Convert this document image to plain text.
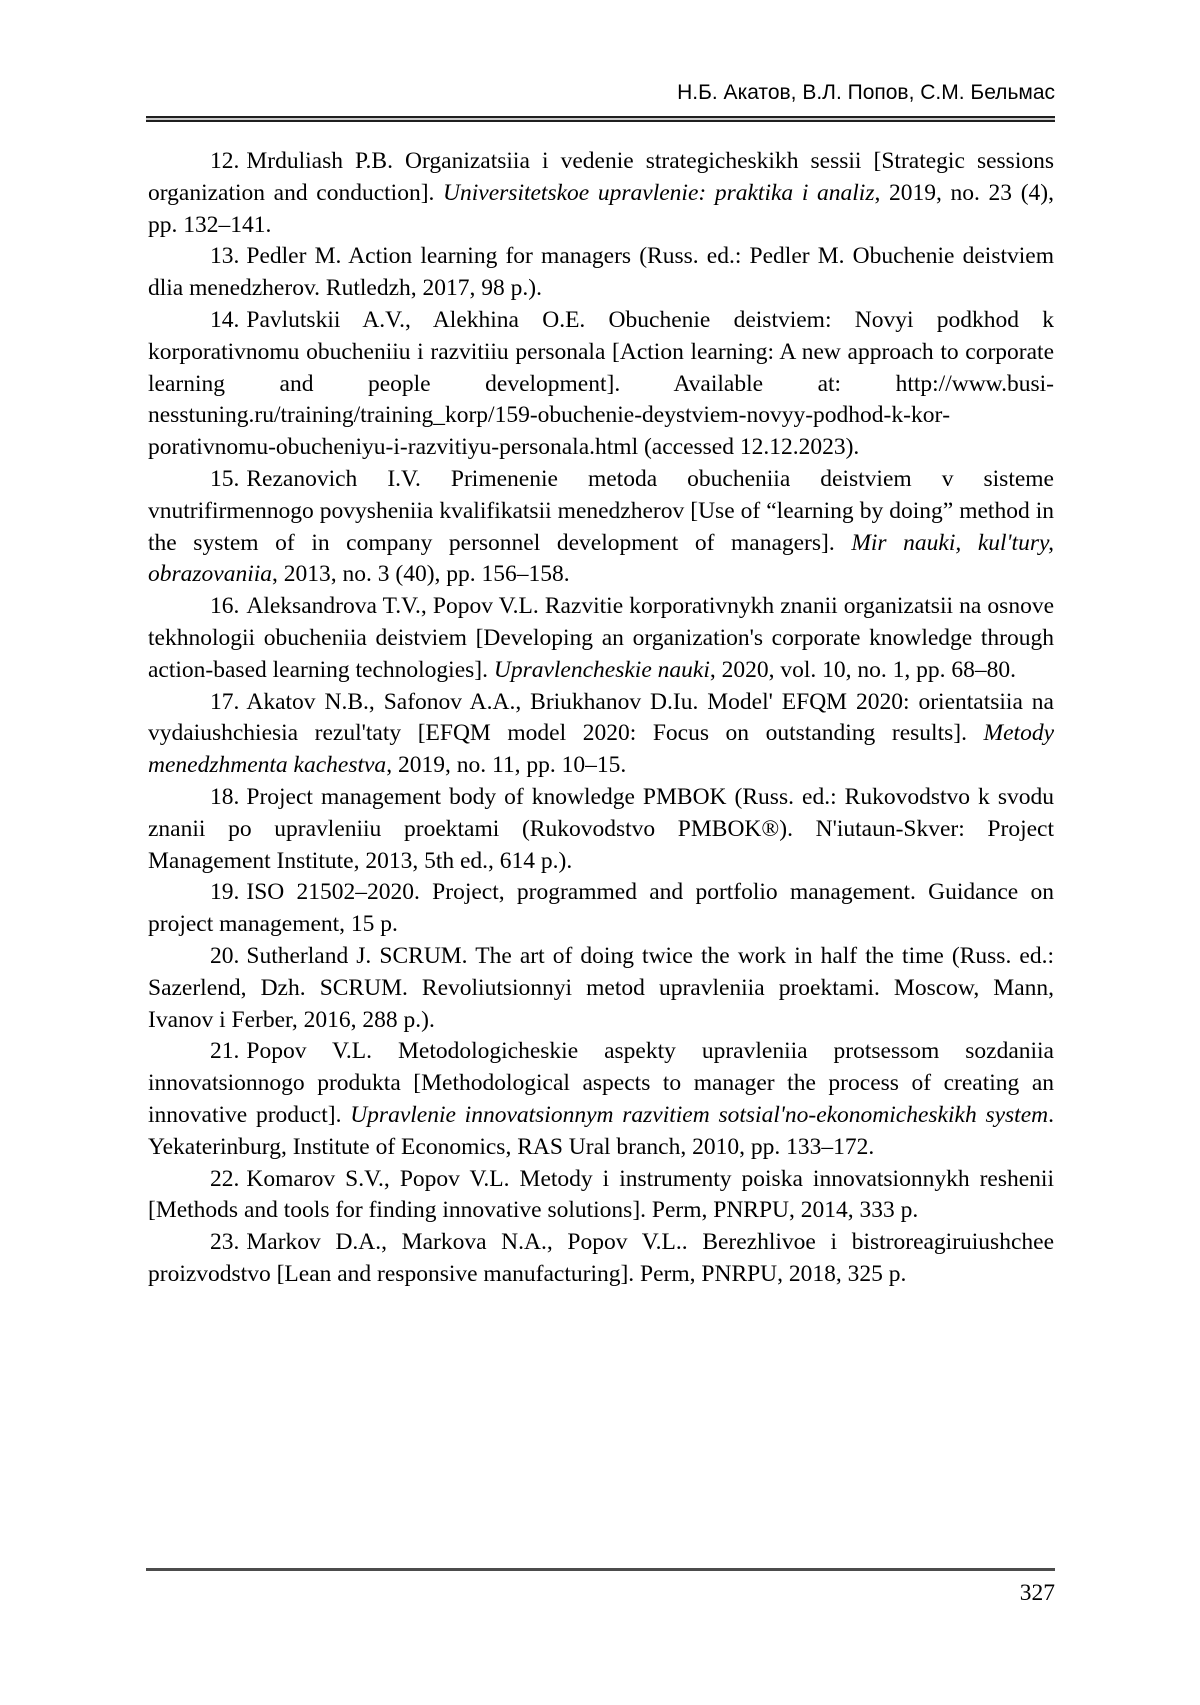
Н.Б. Акатов, В.Л. Попов, С.М. Бельмас

12. Mrduliash P.B. Organizatsiia i vedenie strategicheskikh sessii [Strategic sessions organization and conduction]. Universitetskoe upravlenie: praktika i analiz, 2019, no. 23 (4), pp. 132–141.

13. Pedler M. Action learning for managers (Russ. ed.: Pedler M. Obuchenie deistviem dlia menedzherov. Rutledzh, 2017, 98 p.).

14. Pavlutskii A.V., Alekhina O.E. Obuchenie deistviem: Novyi podkhod k korporativnomu obucheniiu i razvitiiu personala [Action learning: A new approach to corporate learning and people development]. Available at: http://www.businesstuning.ru/training/training_korp/159-obuchenie-deystviem-novyy-podhod-k-korporativnomu-obucheniyu-i-razvitiyu-personala.html (accessed 12.12.2023).

15. Rezanovich I.V. Primenenie metoda obucheniia deistviem v sisteme vnutrifirmennogo povysheniia kvalifikatsii menedzherov [Use of “learning by doing” method in the system of in company personnel development of managers]. Mir nauki, kul'tury, obrazovaniia, 2013, no. 3 (40), pp. 156–158.

16. Aleksandrova T.V., Popov V.L. Razvitie korporativnykh znanii organizatsii na osnove tekhnologii obucheniia deistviem [Developing an organization's corporate knowledge through action-based learning technologies]. Upravlencheskie nauki, 2020, vol. 10, no. 1, pp. 68–80.

17. Akatov N.B., Safonov A.A., Briukhanov D.Iu. Model' EFQM 2020: orientatsiia na vydaiushchiesia rezul'taty [EFQM model 2020: Focus on outstanding results]. Metody menedzhmenta kachestva, 2019, no. 11, pp. 10–15.

18. Project management body of knowledge PMBOK (Russ. ed.: Rukovodstvo k svodu znanii po upravleniiu proektami (Rukovodstvo PMBOK®). N'iutaun-Skver: Project Management Institute, 2013, 5th ed., 614 p.).

19. ISO 21502–2020. Project, programmed and portfolio management. Guidance on project management, 15 p.

20. Sutherland J. SCRUM. The art of doing twice the work in half the time (Russ. ed.: Sazerlend, Dzh. SCRUM. Revoliutsionnyi metod upravleniia proektami. Moscow, Mann, Ivanov i Ferber, 2016, 288 p.).

21. Popov V.L. Metodologicheskie aspekty upravleniia protsessom sozdaniia innovatsionnogo produkta [Methodological aspects to manager the process of creating an innovative product]. Upravlenie innovatsionnym razvitiem sotsial'no-ekonomicheskikh system. Yekaterinburg, Institute of Economics, RAS Ural branch, 2010, pp. 133–172.

22. Komarov S.V., Popov V.L. Metody i instrumenty poiska innovatsionnykh reshenii [Methods and tools for finding innovative solutions]. Perm, PNRPU, 2014, 333 p.

23. Markov D.A., Markova N.A., Popov V.L.. Berezhlivoe i bistroreagiruiushchee proizvodstvo [Lean and responsive manufacturing]. Perm, PNRPU, 2018, 325 p.

327
